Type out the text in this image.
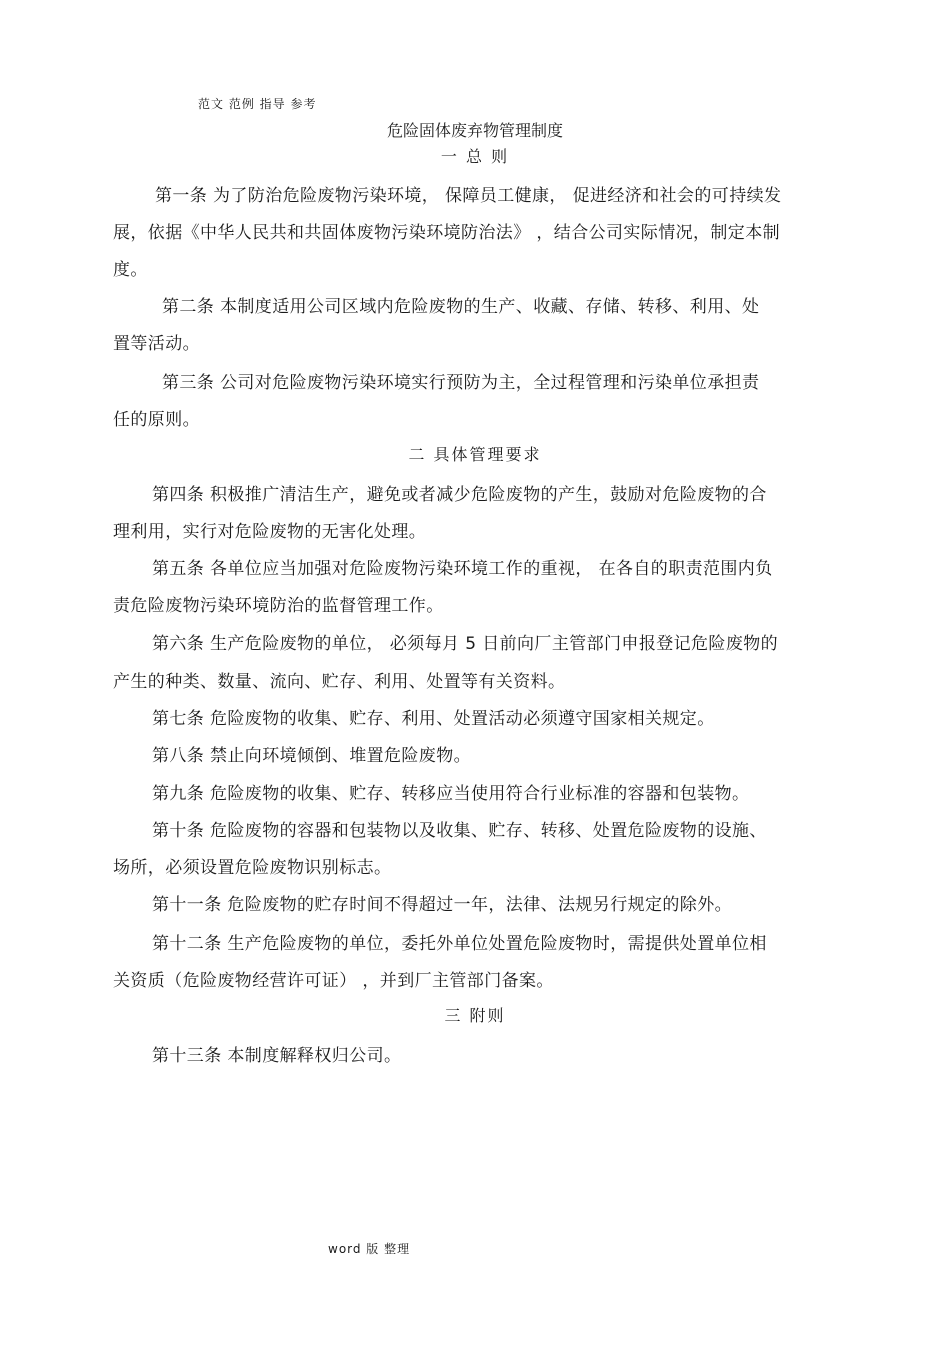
范文 范例 指导 参考
危险固体废弃物管理制度
一 总 则
第一条 为了防治危险废物污染环境， 保障员工健康， 促进经济和社会的可持续发
展，依据《中华人民共和共固体废物污染环境防治法》 ，结合公司实际情况，制定本制
度。
第二条 本制度适用公司区域内危险废物的生产、收藏、存储、转移、利用、处
置等活动。
第三条 公司对危险废物污染环境实行预防为主，全过程管理和污染单位承担责
任的原则。
二 具体管理要求
第四条 积极推广清洁生产，避免或者减少危险废物的产生，鼓励对危险废物的合
理利用，实行对危险废物的无害化处理。
第五条 各单位应当加强对危险废物污染环境工作的重视， 在各自的职责范围内负
责危险废物污染环境防治的监督管理工作。
第六条 生产危险废物的单位， 必须每月 5 日前向厂主管部门申报登记危险废物的
产生的种类、数量、流向、贮存、利用、处置等有关资料。
第七条 危险废物的收集、贮存、利用、处置活动必须遵守国家相关规定。
第八条 禁止向环境倾倒、堆置危险废物。
第九条 危险废物的收集、贮存、转移应当使用符合行业标准的容器和包装物。
第十条 危险废物的容器和包装物以及收集、贮存、转移、处置危险废物的设施、
场所，必须设置危险废物识别标志。
第十一条 危险废物的贮存时间不得超过一年，法律、法规另行规定的除外。
第十二条 生产危险废物的单位，委托外单位处置危险废物时，需提供处置单位相
关资质（危险废物经营许可证） ，并到厂主管部门备案。
三 附则
第十三条 本制度解释权归公司。
word 版 整理
